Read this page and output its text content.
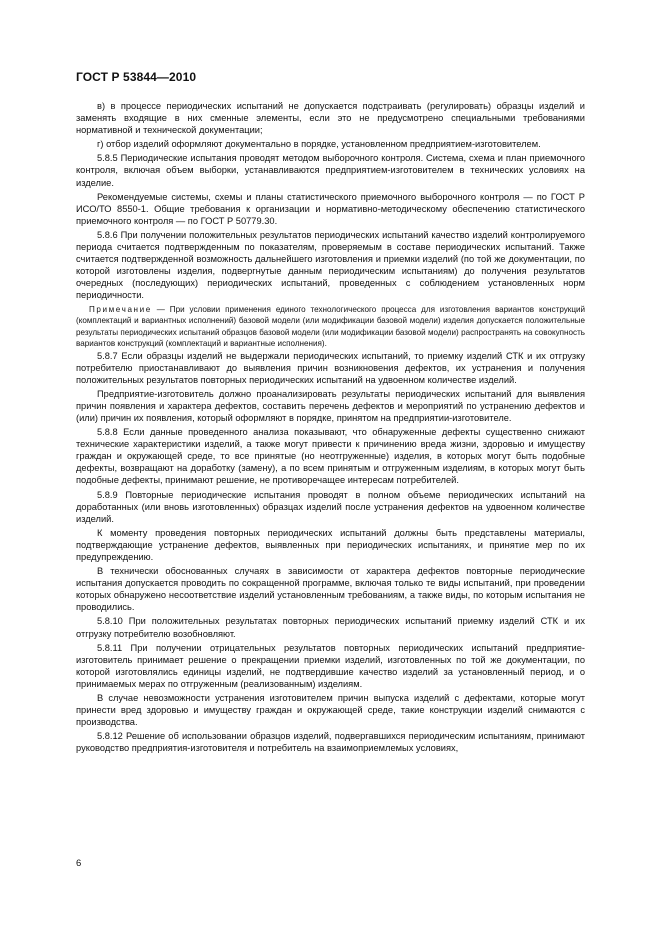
ГОСТ Р 53844—2010

в) в процессе периодических испытаний не допускается подстраивать (регулировать) образцы изделий и заменять входящие в них сменные элементы, если это не предусмотрено специальными требованиями нормативной и технической документации;

г) отбор изделий оформляют документально в порядке, установленном предприятием-изготовителем.

5.8.5 Периодические испытания проводят методом выборочного контроля. Система, схема и план приемочного контроля, включая объем выборки, устанавливаются предприятием-изготовителем в технических условиях на изделие.

Рекомендуемые системы, схемы и планы статистического приемочного выборочного контроля — по ГОСТ Р ИСО/ТО 8550-1. Общие требования к организации и нормативно-методическому обеспечению статистического приемочного контроля — по ГОСТ Р 50779.30.

5.8.6 При получении положительных результатов периодических испытаний качество изделий контролируемого периода считается подтвержденным по показателям, проверяемым в составе периодических испытаний. Также считается подтвержденной возможность дальнейшего изготовления и приемки изделий (по той же документации, по которой изготовлены изделия, подвергнутые данным периодическим испытаниям) до получения результатов очередных (последующих) периодических испытаний, проведенных с соблюдением установленных норм периодичности.

Примечание — При условии применения единого технологического процесса для изготовления вариантов конструкций (комплектаций и вариантных исполнений) базовой модели (или модификации базовой модели) изделия допускается положительные результаты периодических испытаний образцов базовой модели (или модификации базовой модели) распространять на совокупность вариантов конструкций (комплектаций и вариантные исполнения).

5.8.7 Если образцы изделий не выдержали периодических испытаний, то приемку изделий СТК и их отгрузку потребителю приостанавливают до выявления причин возникновения дефектов, их устранения и получения положительных результатов повторных периодических испытаний на удвоенном количестве изделий.

Предприятие-изготовитель должно проанализировать результаты периодических испытаний для выявления причин появления и характера дефектов, составить перечень дефектов и мероприятий по устранению дефектов и (или) причин их появления, который оформляют в порядке, принятом на предприятии-изготовителе.

5.8.8 Если данные проведенного анализа показывают, что обнаруженные дефекты существенно снижают технические характеристики изделий, а также могут привести к причинению вреда жизни, здоровью и имуществу граждан и окружающей среде, то все принятые (но неотгруженные) изделия, в которых могут быть подобные дефекты, возвращают на доработку (замену), а по всем принятым и отгруженным изделиям, в которых могут быть подобные дефекты, принимают решение, не противоречащее интересам потребителей.

5.8.9 Повторные периодические испытания проводят в полном объеме периодических испытаний на доработанных (или вновь изготовленных) образцах изделий после устранения дефектов на удвоенном количестве изделий.

К моменту проведения повторных периодических испытаний должны быть представлены материалы, подтверждающие устранение дефектов, выявленных при периодических испытаниях, и принятие мер по их предупреждению.

В технически обоснованных случаях в зависимости от характера дефектов повторные периодические испытания допускается проводить по сокращенной программе, включая только те виды испытаний, при проведении которых обнаружено несоответствие изделий установленным требованиям, а также виды, по которым испытания не проводились.

5.8.10 При положительных результатах повторных периодических испытаний приемку изделий СТК и их отгрузку потребителю возобновляют.

5.8.11 При получении отрицательных результатов повторных периодических испытаний предприятие-изготовитель принимает решение о прекращении приемки изделий, изготовленных по той же документации, по которой изготовлялись единицы изделий, не подтвердившие качество изделий за установленный период, и о принимаемых мерах по отгруженным (реализованным) изделиям.

В случае невозможности устранения изготовителем причин выпуска изделий с дефектами, которые могут принести вред здоровью и имуществу граждан и окружающей среде, такие конструкции изделий снимаются с производства.

5.8.12 Решение об использовании образцов изделий, подвергавшихся периодическим испытаниям, принимают руководство предприятия-изготовителя и потребитель на взаимоприемлемых условиях,

6
